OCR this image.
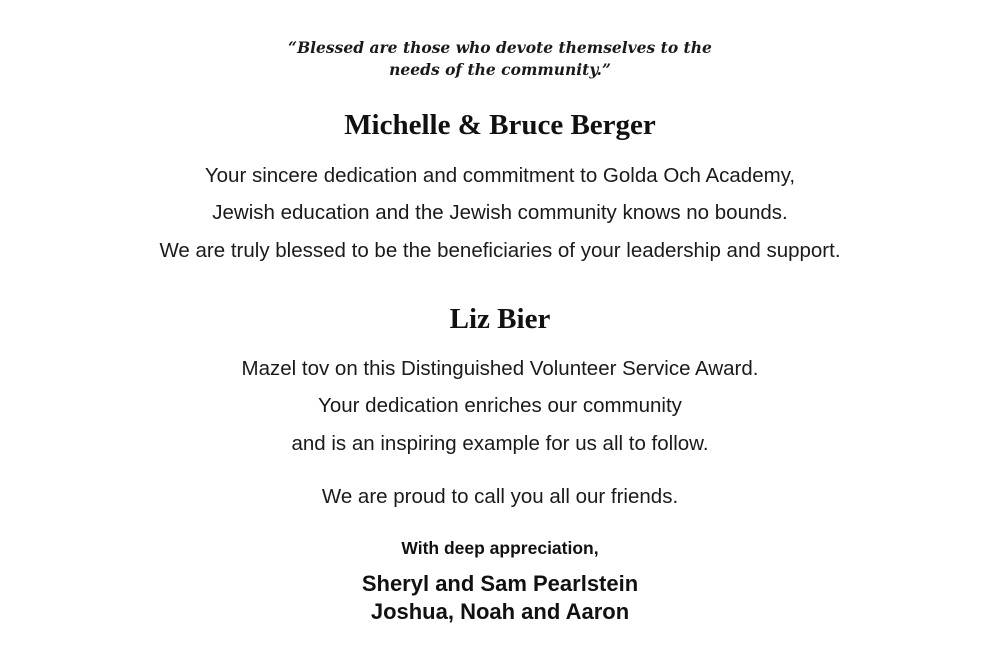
“Blessed are those who devote themselves to the
needs of the community.”
Michelle & Bruce Berger
Your sincere dedication and commitment to Golda Och Academy,
Jewish education and the Jewish community knows no bounds.
We are truly blessed to be the beneficiaries of your leadership and support.
Liz Bier
Mazel tov on this Distinguished Volunteer Service Award.
Your dedication enriches our community
and is an inspiring example for us all to follow.
We are proud to call you all our friends.
With deep appreciation,
Sheryl and Sam Pearlstein
Joshua, Noah and Aaron
